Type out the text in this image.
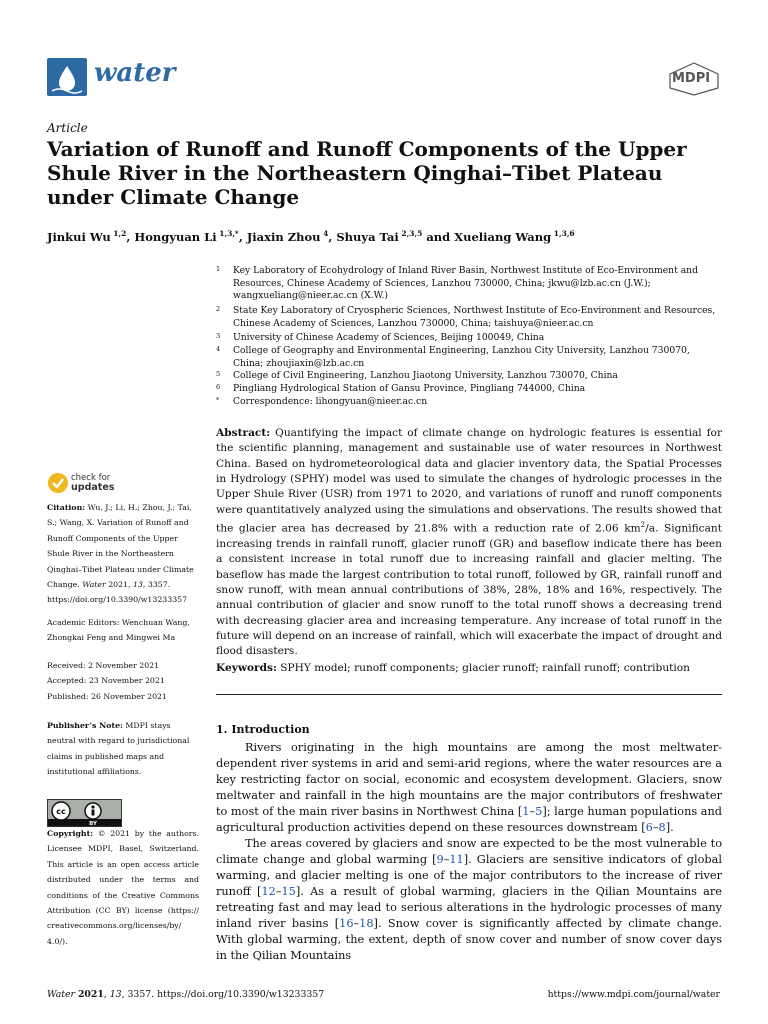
water	MDPI
Article
Variation of Runoff and Runoff Components of the Upper Shule River in the Northeastern Qinghai–Tibet Plateau under Climate Change
Jinkui Wu $^{1,2}$, Hongyuan Li $^{1,3,*}$, Jiaxin Zhou $^4$, Shuya Tai $^{2,3,5}$ and Xueliang Wang $^{1,3,6}$
1	Key Laboratory of Ecohydrology of Inland River Basin, Northwest Institute of Eco-Environment and Resources, Chinese Academy of Sciences, Lanzhou 730000, China; jkwu@lzb.ac.cn (J.W.); wangxueliang@nieer.ac.cn (X.W.)
2	State Key Laboratory of Cryospheric Sciences, Northwest Institute of Eco-Environment and Resources, Chinese Academy of Sciences, Lanzhou 730000, China; taishuya@nieer.ac.cn
3	University of Chinese Academy of Sciences, Beijing 100049, China
4	College of Geography and Environmental Engineering, Lanzhou City University, Lanzhou 730070, China; zhoujiaxin@lzb.ac.cn
5	College of Civil Engineering, Lanzhou Jiaotong University, Lanzhou 730070, China
6	Pingliang Hydrological Station of Gansu Province, Pingliang 744000, China
*	Correspondence: lihongyuan@nieer.ac.cn
Abstract: Quantifying the impact of climate change on hydrologic features is essential for the scientific planning, management and sustainable use of water resources in Northwest China. Based on hydrometeorological data and glacier inventory data, the Spatial Processes in Hydrology (SPHY) model was used to simulate the changes of hydrologic processes in the Upper Shule River (USR) from 1971 to 2020, and variations of runoff and runoff components were quantitatively analyzed using the simulations and observations. The results showed that the glacier area has decreased by 21.8% with a reduction rate of 2.06 $km^2/a$. Significant increasing trends in rainfall runoff, glacier runoff (GR) and baseflow indicate there has been a consistent increase in total runoff due to increasing rainfall and glacier melting. The baseflow has made the largest contribution to total runoff, followed by GR, rainfall runoff and snow runoff, with mean annual contributions of 38%, 28%, 18% and 16%, respectively. The annual contribution of glacier and snow runoff to the total runoff shows a decreasing trend with decreasing glacier area and increasing temperature. Any increase of total runoff in the future will depend on an increase of rainfall, which will exacerbate the impact of drought and flood disasters.
Keywords: SPHY model; runoff components; glacier runoff; rainfall runoff; contribution
1. Introduction
Rivers originating in the high mountains are among the most meltwater-dependent river systems in arid and semi-arid regions, where the water resources are a key restricting factor on social, economic and ecosystem development. Glaciers, snow meltwater and rainfall in the high mountains are the major contributors of freshwater to most of the main river basins in Northwest China [1–5]; large human populations and agricultural production activities depend on these resources downstream [6–8].
The areas covered by glaciers and snow are expected to be the most vulnerable to climate change and global warming [9–11]. Glaciers are sensitive indicators of global warming, and glacier melting is one of the major contributors to the increase of river runoff [12–15]. As a result of global warming, glaciers in the Qilian Mountains are retreating fast and may lead to serious alterations in the hydrologic processes of many inland river basins [16–18]. Snow cover is significantly affected by climate change. With global warming, the extent, depth of snow cover and number of snow cover days in the Qilian Mountains
check for
updates
Citation: Wu, J.; Li, H.; Zhou, J.; Tai, S.; Wang, X. Variation of Runoff and Runoff Components of the Upper Shule River in the Northeastern Qinghai–Tibet Plateau under Climate Change. Water 2021, 13, 3357. https://doi.org/10.3390/w13233357
Academic Editors: Wenchuan Wang, Zhongkai Feng and Mingwei Ma
Received: 2 November 2021
Accepted: 23 November 2021
Published: 26 November 2021
Publisher’s Note: MDPI stays neutral with regard to jurisdictional claims in published maps and institutional affiliations.
cc
BY
Copyright: © 2021 by the authors. Licensee MDPI, Basel, Switzerland. This article is an open access article distributed under the terms and conditions of the Creative Commons Attribution (CC BY) license (https:// creativecommons.org/licenses/by/ 4.0/).
Water 2021, 13, 3357. https://doi.org/10.3390/w13233357	https://www.mdpi.com/journal/water
